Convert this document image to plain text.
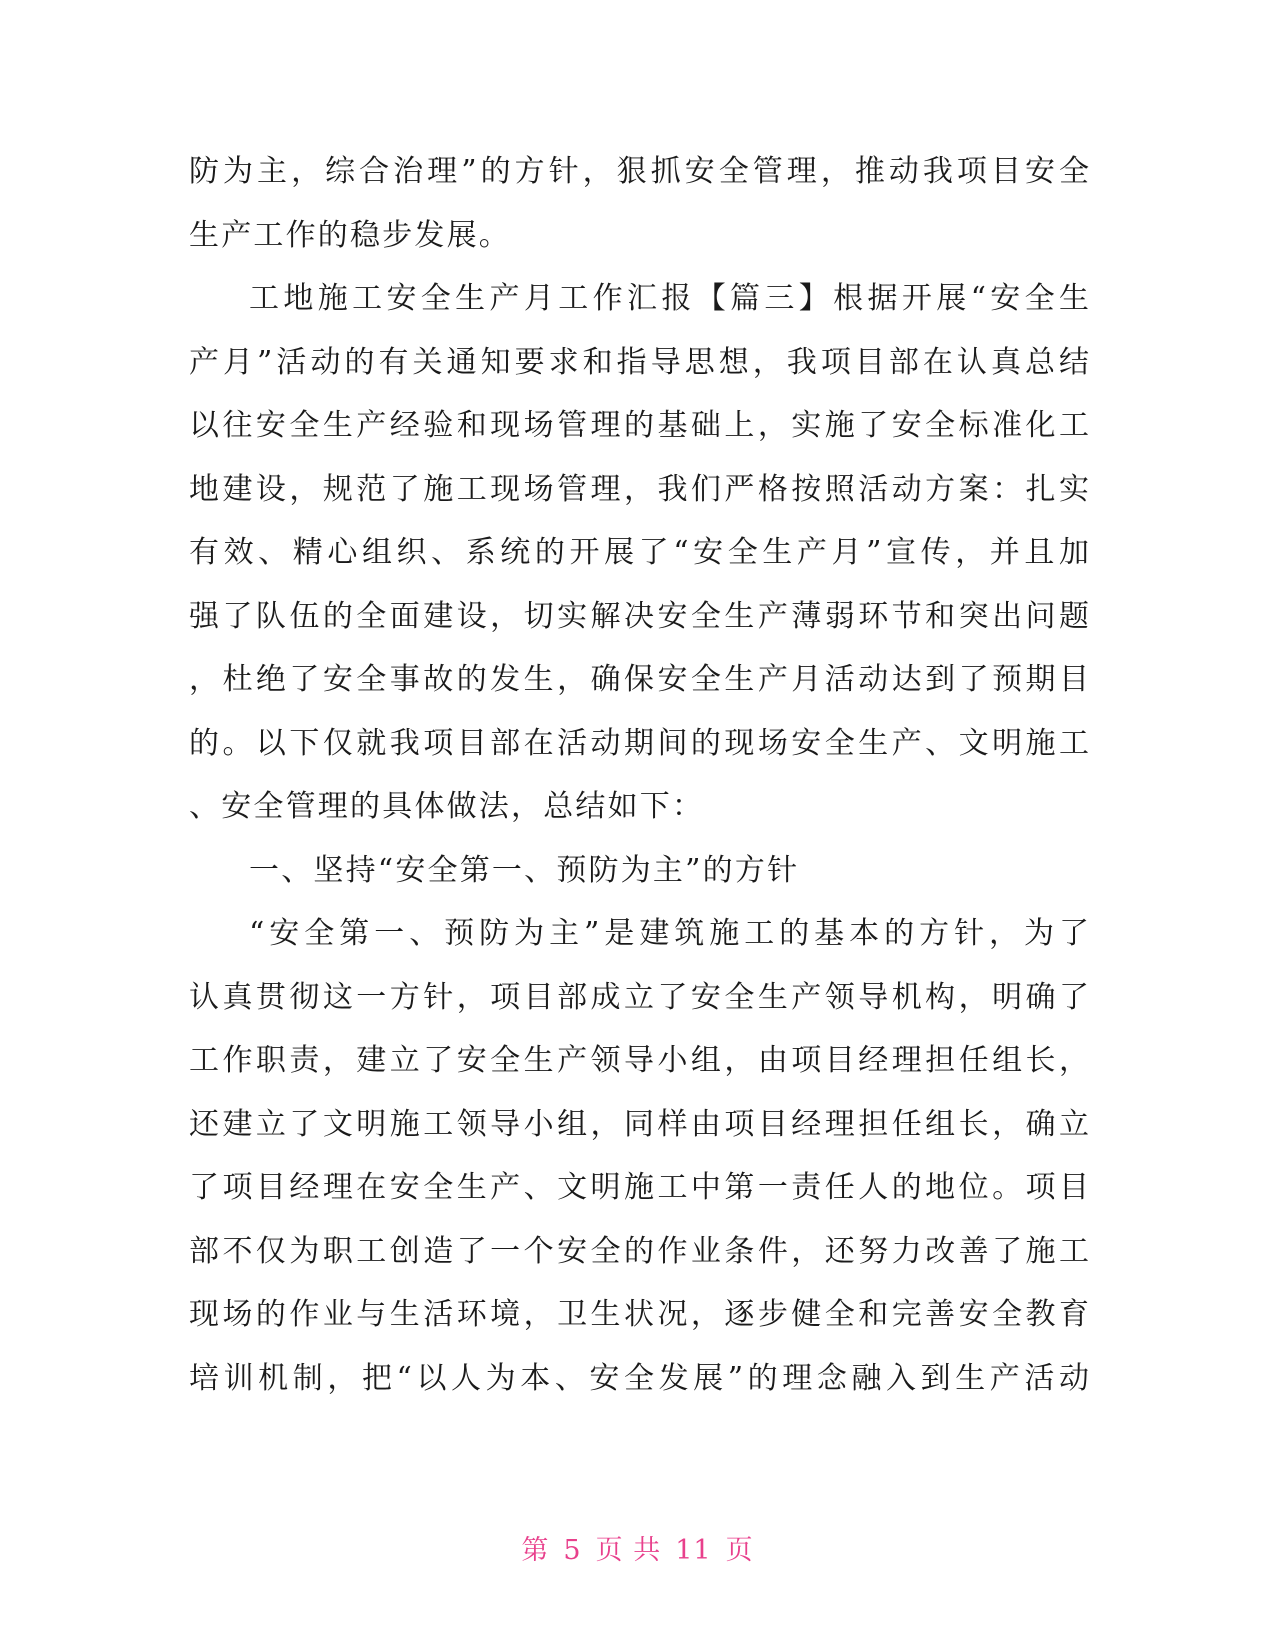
防为主，综合治理”的方针，狠抓安全管理，推动我项目安全
生产工作的稳步发展。
工地施工安全生产月工作汇报【篇三】根据开展“安全生
产月”活动的有关通知要求和指导思想，我项目部在认真总结
以往安全生产经验和现场管理的基础上，实施了安全标准化工
地建设，规范了施工现场管理，我们严格按照活动方案：扎实
有效、精心组织、系统的开展了“安全生产月”宣传，并且加
强了队伍的全面建设，切实解决安全生产薄弱环节和突出问题
，杜绝了安全事故的发生，确保安全生产月活动达到了预期目
的。以下仅就我项目部在活动期间的现场安全生产、文明施工
、安全管理的具体做法，总结如下：
一、坚持“安全第一、预防为主”的方针
“安全第一、预防为主”是建筑施工的基本的方针，为了
认真贯彻这一方针，项目部成立了安全生产领导机构，明确了
工作职责，建立了安全生产领导小组，由项目经理担任组长，
还建立了文明施工领导小组，同样由项目经理担任组长，确立
了项目经理在安全生产、文明施工中第一责任人的地位。项目
部不仅为职工创造了一个安全的作业条件，还努力改善了施工
现场的作业与生活环境，卫生状况，逐步健全和完善安全教育
培训机制，把“以人为本、安全发展”的理念融入到生产活动
第 5 页 共 11 页
